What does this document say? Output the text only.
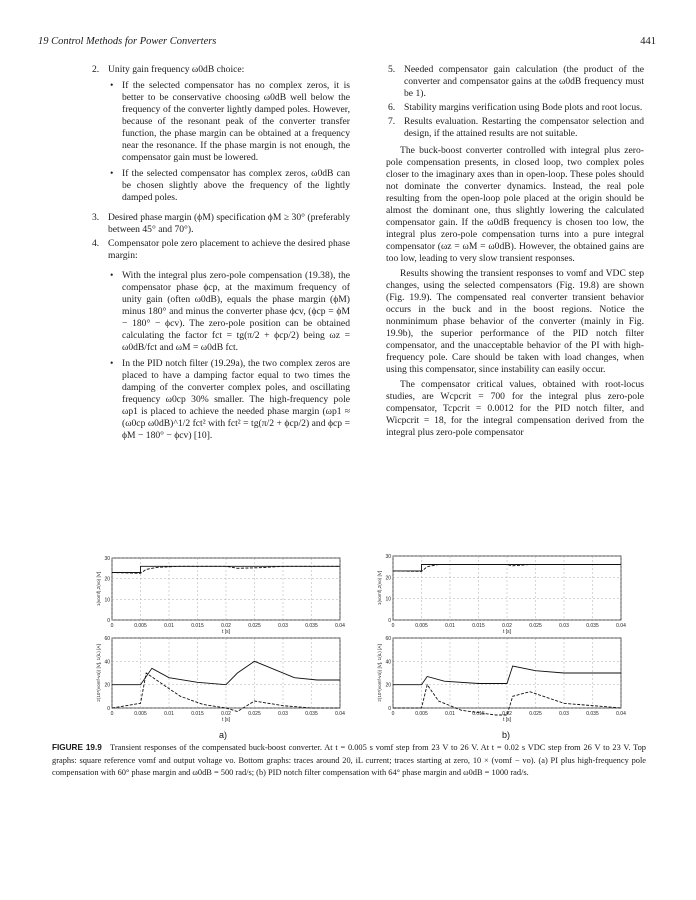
19 Control Methods for Power Converters	441
2. Unity gain frequency ω0dB choice:
• If the selected compensator has no complex zeros, it is better to be conservative choosing ω0dB well below the frequency of the converter lightly damped poles. However, because of the resonant peak of the converter transfer function, the phase margin can be obtained at a frequency near the resonance. If the phase margin is not enough, the compensator gain must be lowered.
• If the selected compensator has complex zeros, ω0dB can be chosen slightly above the frequency of the lightly damped poles.
3. Desired phase margin (ϕM) specification ϕM ≥ 30° (preferably between 45° and 70°).
4. Compensator pole zero placement to achieve the desired phase margin:
• With the integral plus zero-pole compensation (19.38), the compensator phase ϕcp, at the maximum frequency of unity gain (often ω0dB), equals the phase margin (ϕM) minus 180° and minus the converter phase ϕcv, (ϕcp = ϕM − 180° − ϕcv). The zero-pole position can be obtained calculating the factor fct = tg(π/2 + ϕcp/2) being ωz = ω0dB/fct and ωM = ω0dB fct.
• In the PID notch filter (19.29a), the two complex zeros are placed to have a damping factor equal to two times the damping of the converter complex poles, and oscillating frequency ω0cp 30% smaller. The high-frequency pole ωp1 is placed to achieve the needed phase margin (ωp1 ≈ (ω0cp ω0dB)^1/2 fct² with fct² = tg(π/2 + ϕcp/2) and ϕcp = ϕM − 180° − ϕcv) [10].
5. Needed compensator gain calculation (the product of the converter and compensator gains at the ω0dB frequency must be 1).
6. Stability margins verification using Bode plots and root locus.
7. Results evaluation. Restarting the compensator selection and design, if the attained results are not suitable.

The buck-boost converter controlled with integral plus zero-pole compensation presents, in closed loop, two complex poles closer to the imaginary axes than in open-loop. These poles should not dominate the converter dynamics. Instead, the real pole resulting from the open-loop pole placed at the origin should be almost the dominant one, thus slightly lowering the calculated compensator gain. If the ω0dB frequency is chosen too low, the integral plus zero-pole compensation turns into a pure integral compensator (ωz = ωM = ω0dB). However, the obtained gains are too low, leading to very slow transient responses.

Results showing the transient responses to vomf and VDC step changes, using the selected compensators (Fig. 19.8) are shown (Fig. 19.9). The compensated real converter transient behavior occurs in the buck and in the boost regions. Notice the nonminimum phase behavior of the converter (mainly in Fig. 19.9b), the superior performance of the PID notch filter compensator, and the unacceptable behavior of the PI with high-frequency pole. Care should be taken with load changes, when using this compensator, since instability can easily occur.

The compensator critical values, obtained with root-locus studies, are Wcpcrit = 700 for the integral plus zero-pole compensator, Tcpcrit = 0.0012 for the PID notch filter, and Wicpcrit = 18, for the integral compensation derived from the integral plus zero-pole compensator

0	0.005	0.01	0.015	0.02	0.025	0.03	0.035	0.04
0
10
20
30
t [s]
1(vomf),2(vo) [V]
0	0.005	0.01	0.015	0.02	0.025	0.03	0.035	0.04
0
20
40
60
t [s]
2(10*(vomf-vo)) [V], 1(iL) [A]
0	0.005	0.01	0.015	0.02	0.025	0.03	0.035	0.04
0
10
20
30
t [s]
1(vomf),2(vo) [V]
0	0.005	0.01	0.015	0.02	0.025	0.03	0.035	0.04
0
20
40
60
t [s]
2(10*(vomf-vo)) [V], 1(iL) [A]
a)	b)
FIGURE 19.9 Transient responses of the compensated buck-boost converter. At t = 0.005 s vomf step from 23 V to 26 V. At t = 0.02 s VDC step from 26 V to 23 V. Top graphs: square reference vomf and output voltage vo. Bottom graphs: traces around 20, iL current; traces starting at zero, 10 × (vomf − vo). (a) PI plus high-frequency pole compensation with 60° phase margin and ω0dB = 500 rad/s; (b) PID notch filter compensation with 64° phase margin and ω0dB = 1000 rad/s.
